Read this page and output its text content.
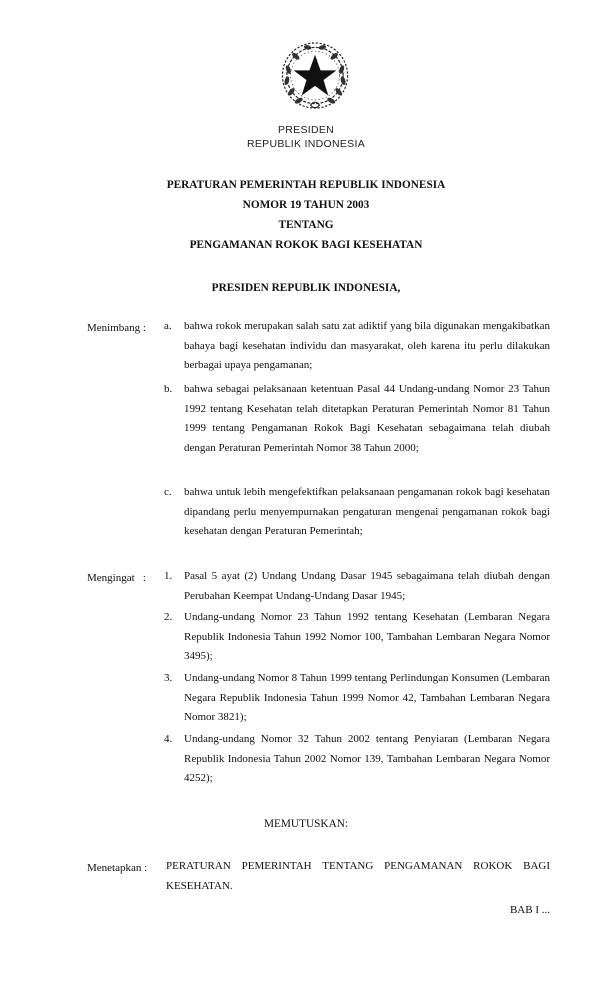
PRESIDEN
REPUBLIK INDONESIA
PERATURAN PEMERINTAH REPUBLIK INDONESIA
NOMOR 19 TAHUN 2003
TENTANG
PENGAMANAN ROKOK BAGI KESEHATAN
PRESIDEN REPUBLIK INDONESIA,
Menimbang : a.	bahwa rokok merupakan salah satu zat adiktif yang bila digunakan mengakibatkan bahaya bagi kesehatan individu dan masyarakat, oleh karena itu perlu dilakukan berbagai upaya pengamanan;
b.	bahwa sebagai pelaksanaan ketentuan Pasal 44 Undang-undang Nomor 23 Tahun 1992 tentang Kesehatan telah ditetapkan Peraturan Pemerintah Nomor 81 Tahun 1999 tentang Pengamanan Rokok Bagi Kesehatan sebagaimana telah diubah dengan Peraturan Pemerintah Nomor 38 Tahun 2000;
c.	bahwa untuk lebih mengefektifkan pelaksanaan pengamanan rokok bagi kesehatan dipandang perlu menyempurnakan pengaturan mengenai pengamanan rokok bagi kesehatan dengan Peraturan Pemerintah;
Mengingat   : 1.	Pasal 5 ayat (2) Undang Undang Dasar 1945 sebagaimana telah diubah dengan Perubahan Keempat Undang-Undang Dasar 1945;
2.	Undang-undang Nomor 23 Tahun 1992 tentang Kesehatan (Lembaran Negara Republik Indonesia Tahun 1992 Nomor 100, Tambahan Lembaran Negara Nomor 3495);
3.	Undang-undang Nomor 8 Tahun 1999 tentang Perlindungan Konsumen (Lembaran Negara Republik Indonesia Tahun 1999 Nomor 42, Tambahan Lembaran Negara Nomor 3821);
4.	Undang-undang Nomor 32 Tahun 2002 tentang Penyiaran (Lembaran Negara Republik Indonesia Tahun 2002 Nomor 139, Tambahan Lembaran Negara Nomor 4252);
MEMUTUSKAN:
Menetapkan : PERATURAN PEMERINTAH TENTANG PENGAMANAN ROKOK BAGI KESEHATAN.
BAB I ...
